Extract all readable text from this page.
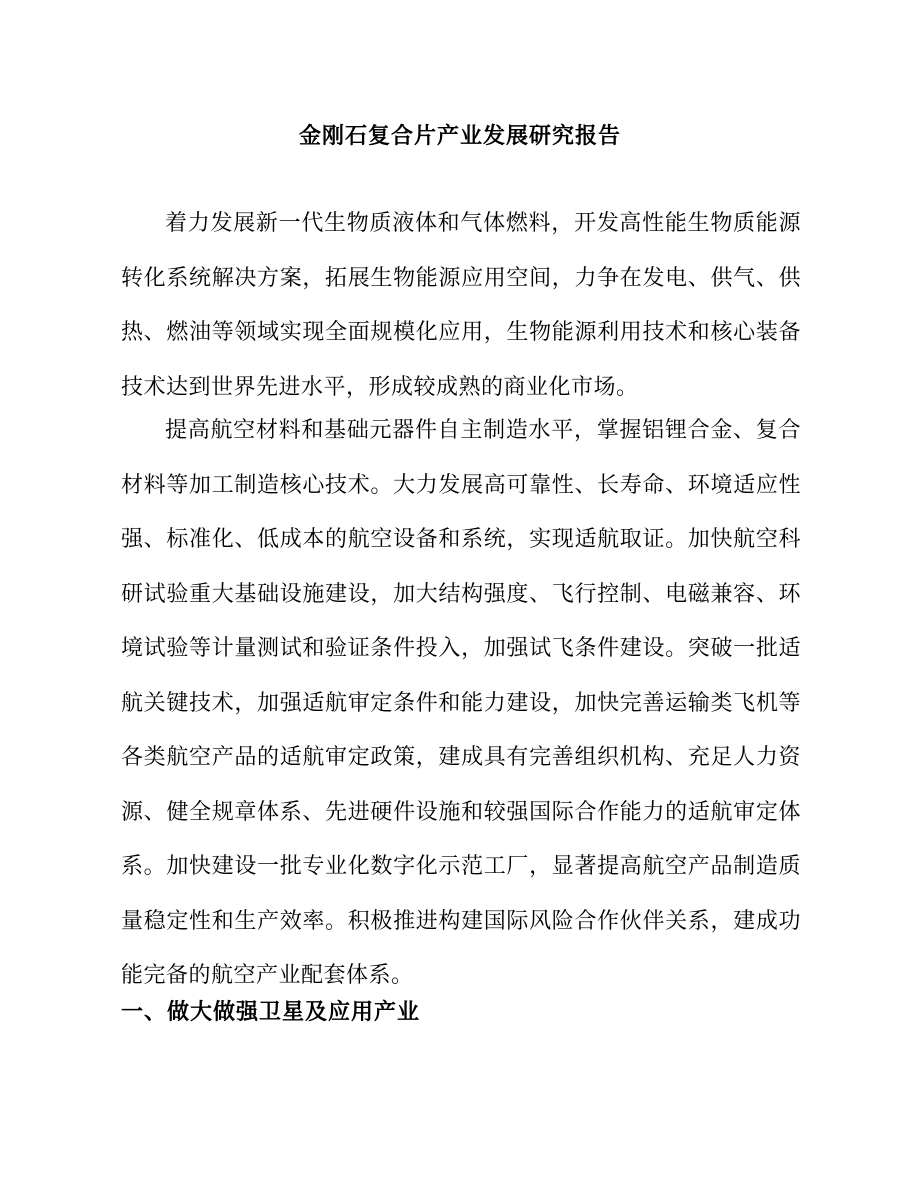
金刚石复合片产业发展研究报告

着力发展新一代生物质液体和气体燃料，开发高性能生物质能源转化系统解决方案，拓展生物能源应用空间，力争在发电、供气、供热、燃油等领域实现全面规模化应用，生物能源利用技术和核心装备技术达到世界先进水平，形成较成熟的商业化市场。

提高航空材料和基础元器件自主制造水平，掌握铝锂合金、复合材料等加工制造核心技术。大力发展高可靠性、长寿命、环境适应性强、标准化、低成本的航空设备和系统，实现适航取证。加快航空科研试验重大基础设施建设，加大结构强度、飞行控制、电磁兼容、环境试验等计量测试和验证条件投入，加强试飞条件建设。突破一批适航关键技术，加强适航审定条件和能力建设，加快完善运输类飞机等各类航空产品的适航审定政策，建成具有完善组织机构、充足人力资源、健全规章体系、先进硬件设施和较强国际合作能力的适航审定体系。加快建设一批专业化数字化示范工厂，显著提高航空产品制造质量稳定性和生产效率。积极推进构建国际风险合作伙伴关系，建成功能完备的航空产业配套体系。

一、做大做强卫星及应用产业
